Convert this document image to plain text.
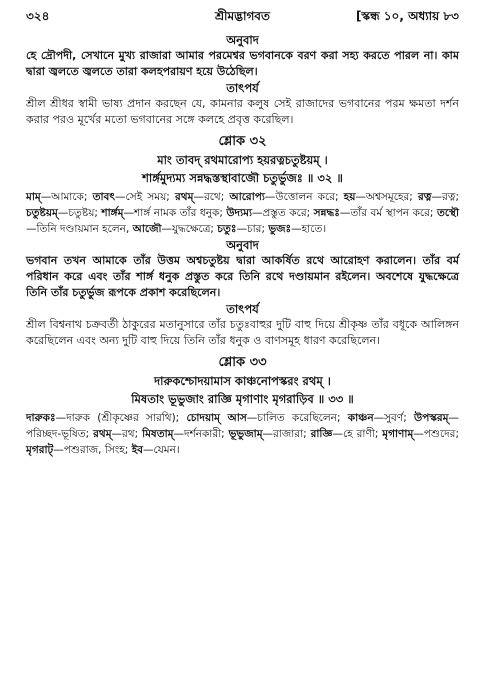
৩২৪	শ্রীমদ্ভাগবত	[স্কন্ধ ১০, অধ্যায় ৮৩
অনুবাদ
হে দ্রৌপদী, সেখানে মুখ্য রাজারা আমার পরমেশ্বর ভগবানকে বরণ করা সহ্য করতে পারল না। কাম দ্বারা জ্বলতে জ্বলতে তারা কলহপরায়ণ হয়ে উঠেছিল।
তাৎপর্য
শ্রীল শ্রীধর স্বামী ভাষ্য প্রদান করছেন যে, কামনার কলুষ সেই রাজাদের ভগবানের পরম ক্ষমতা দর্শন করার পরও মূর্খের মতো ভগবানের সঙ্গে কলহে প্রবৃত্ত করেছিল।
শ্লোক ৩২
মাং তাবদ্ রথমারোপ্য হয়রত্নচতুষ্টয়ম্ ।
শার্ঙ্গমুদ্যম্য সন্নদ্ধস্তস্থাবাজৌ চতুর্ভুজঃ ॥ ৩২ ॥
মাম্—আমাকে; তাবৎ—সেই সময়; রথম্—রথে; আরোপ্য—উত্তোলন করে; হয়—অশ্বসমূহের; রত্ন—রত্ন; চতুষ্টয়ম্—চতুষ্টয়; শার্ঙ্গম্—শার্ঙ্গ নামক তাঁর ধনুক; উদ্যম্য—প্রস্তুত করে; সন্নদ্ধঃ—তাঁর বর্ম স্থাপন করে; তস্থৌ—তিনি দণ্ডায়মান হলেন, আজৌ—যুদ্ধক্ষেত্রে; চতুঃ—চার; ভুজঃ—হাতে।
অনুবাদ
ভগবান তখন আমাকে তাঁর উত্তম অশ্বচতুষ্টয় দ্বারা আকর্ষিত রথে আরোহণ করালেন। তাঁর বর্ম পরিধান করে এবং তাঁর শার্ঙ্গ ধনুক প্রস্তুত করে তিনি রথে দণ্ডায়মান রইলেন। অবশেষে যুদ্ধক্ষেত্রে তিনি তাঁর চতুর্ভুজ রূপকে প্রকাশ করেছিলেন।
তাৎপর্য
শ্রীল বিশ্বনাথ চক্রবর্তী ঠাকুরের মতানুসারে তাঁর চতুঃবাহুর দুটি বাহু দিয়ে শ্রীকৃষ্ণ তাঁর বধূকে আলিঙ্গন করেছিলেন এবং অন্য দুটি বাহু দিয়ে তিনি তাঁর ধনুক ও বাণসমূহ ধারণ করেছিলেন।
শ্লোক ৩৩
দারুকশ্চোদয়ামাস কাঞ্চনোপস্করং রথম্ ।
মিষতাং ভূভুজাং রাজ্ঞি মৃগাণাং মৃগরাড়িব ॥ ৩৩ ॥
দারুকঃ—দারুক (শ্রীকৃষ্ণের সারথি); চোদয়াম্ আস—চালিত করেছিলেন; কাঞ্চন—সুবর্ণ; উপস্করম্—পরিচ্ছদ-ভূষিত; রথম্—রথ; মিষতাম্—দর্শনকারী; ভূভুজাম্—রাজারা; রাজ্ঞি—হে রাণী; মৃগাণাম্—পশুদের; মৃগরাট্—পশুরাজ, সিংহ; ইব—যেমন।
